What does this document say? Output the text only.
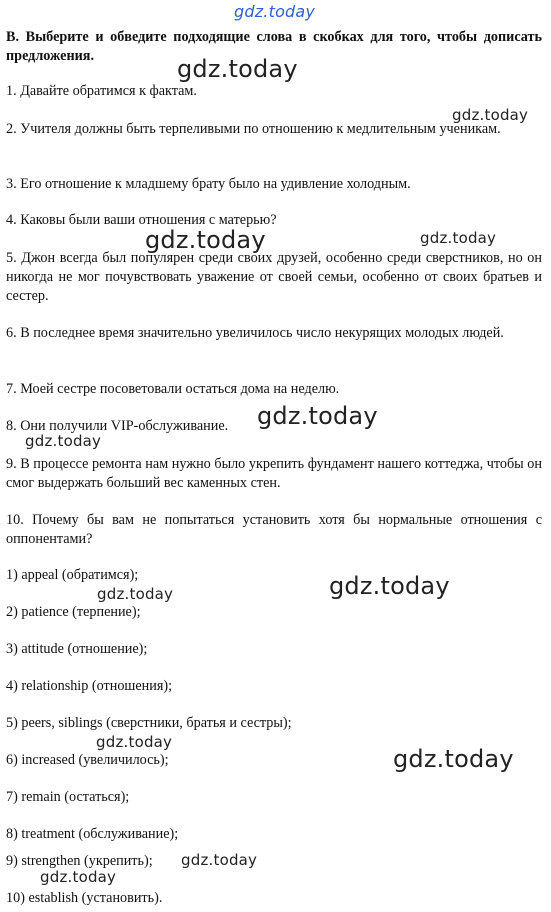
gdz.today

B. Выберите и обведите подходящие слова в скобках для того, чтобы дописать предложения.

1. Давайте обратимся к фактам.

2. Учителя должны быть терпеливыми по отношению к медлительным ученикам.

3. Его отношение к младшему брату было на удивление холодным.

4. Каковы были ваши отношения с матерью?

5. Джон всегда был популярен среди своих друзей, особенно среди сверстников, но он никогда не мог почувствовать уважение от своей семьи, особенно от своих братьев и сестер.

6. В последнее время значительно увеличилось число некурящих молодых людей.

7. Моей сестре посоветовали остаться дома на неделю.

8. Они получили VIP-обслуживание.

9. В процессе ремонта нам нужно было укрепить фундамент нашего коттеджа, чтобы он смог выдержать больший вес каменных стен.

10. Почему бы вам не попытаться установить хотя бы нормальные отношения с оппонентами?

1) appeal (обратимся);

2) patience (терпение);

3) attitude (отношение);

4) relationship (отношения);

5) peers, siblings (сверстники, братья и сестры);

6) increased (увеличилось);

7) remain (остаться);

8) treatment (обслуживание);

9) strengthen (укрепить);

10) establish (установить).

gdz.today
gdz.today
gdz.today	gdz.today
gdz.today
gdz.today
gdz.today
gdz.today
gdz.today
gdz.today
gdz.today
gdz.today
